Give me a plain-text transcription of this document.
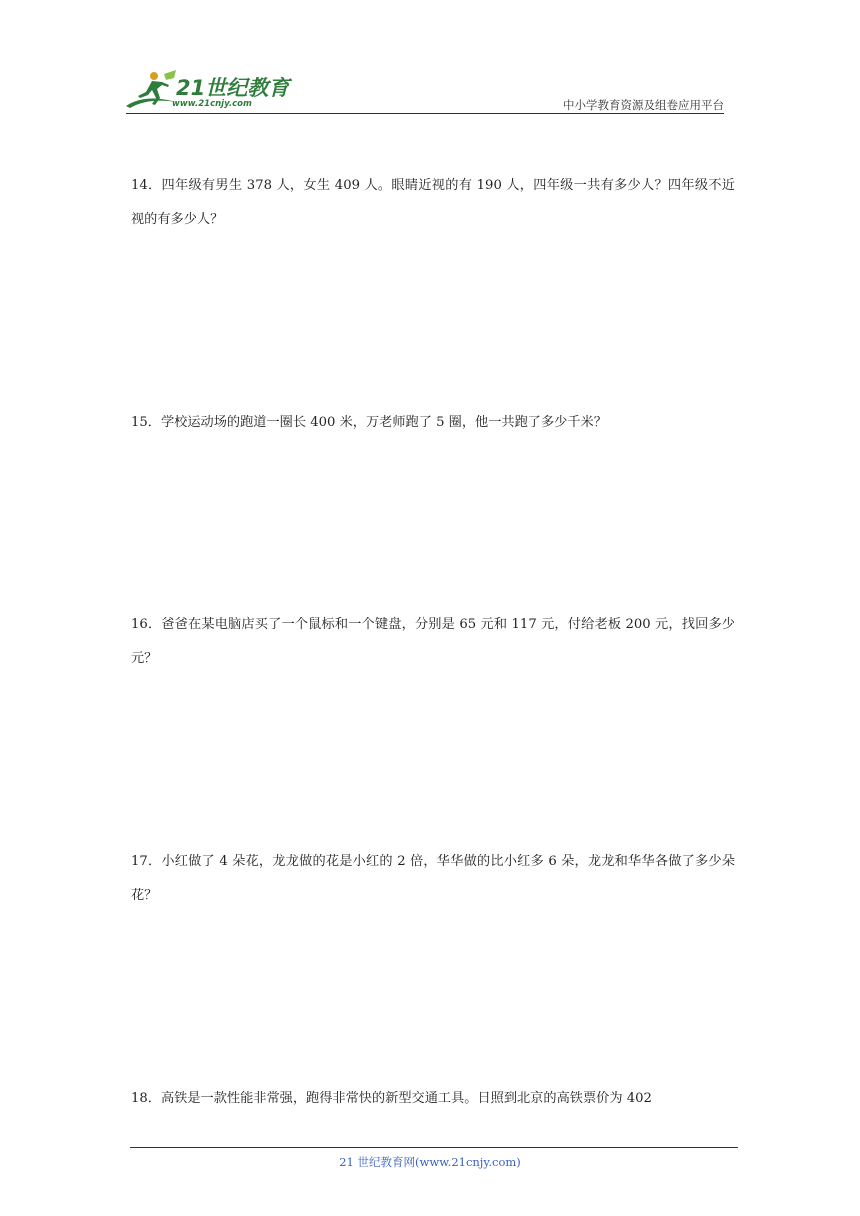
21世纪教育
www.21cnjy.com	中小学教育资源及组卷应用平台
14．四年级有男生 378 人，女生 409 人。眼睛近视的有 190 人，四年级一共有多少人？四年级不近视的有多少人？
15．学校运动场的跑道一圈长 400 米，万老师跑了 5 圈，他一共跑了多少千米？
16．爸爸在某电脑店买了一个鼠标和一个键盘，分别是 65 元和 117 元，付给老板 200 元，找回多少元？
17．小红做了 4 朵花，龙龙做的花是小红的 2 倍，华华做的比小红多 6 朵，龙龙和华华各做了多少朵花？
18．高铁是一款性能非常强，跑得非常快的新型交通工具。日照到北京的高铁票价为 402
21 世纪教育网(www.21cnjy.com)
